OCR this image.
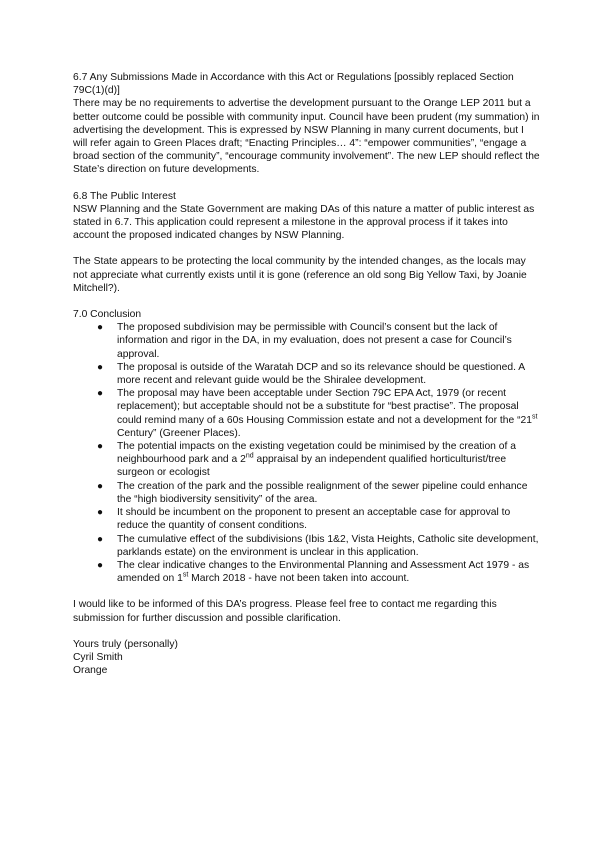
6.7 Any Submissions Made in Accordance with this Act or Regulations [possibly replaced Section 79C(1)(d)]

There may be no requirements to advertise the development pursuant to the Orange LEP 2011 but a better outcome could be possible with community input. Council have been prudent (my summation) in advertising the development. This is expressed by NSW Planning in many current documents, but I will refer again to Green Places draft; “Enacting Principles… 4”: “empower communities”, “engage a broad section of the community”, “encourage community involvement”. The new LEP should reflect the State’s direction on future developments.

6.8 The Public Interest

NSW Planning and the State Government are making DAs of this nature a matter of public interest as stated in 6.7. This application could represent a milestone in the approval process if it takes into account the proposed indicated changes by NSW Planning.

The State appears to be protecting the local community by the intended changes, as the locals may not appreciate what currently exists until it is gone (reference an old song Big Yellow Taxi, by Joanie Mitchell?).

7.0 Conclusion

● The proposed subdivision may be permissible with Council’s consent but the lack of information and rigor in the DA, in my evaluation, does not present a case for Council’s approval.
● The proposal is outside of the Waratah DCP and so its relevance should be questioned. A more recent and relevant guide would be the Shiralee development.
● The proposal may have been acceptable under Section 79C EPA Act, 1979 (or recent replacement); but acceptable should not be a substitute for “best practise”. The proposal could remind many of a 60s Housing Commission estate and not a development for the “21st Century” (Greener Places).
● The potential impacts on the existing vegetation could be minimised by the creation of a neighbourhood park and a 2nd appraisal by an independent qualified horticulturist/tree surgeon or ecologist
● The creation of the park and the possible realignment of the sewer pipeline could enhance the “high biodiversity sensitivity” of the area.
● It should be incumbent on the proponent to present an acceptable case for approval to reduce the quantity of consent conditions.
● The cumulative effect of the subdivisions (Ibis 1&2, Vista Heights, Catholic site development, parklands estate) on the environment is unclear in this application.
● The clear indicative changes to the Environmental Planning and Assessment Act 1979 - as amended on 1st March 2018 - have not been taken into account.

I would like to be informed of this DA’s progress. Please feel free to contact me regarding this submission for further discussion and possible clarification.

Yours truly (personally)

Cyril Smith

Orange
